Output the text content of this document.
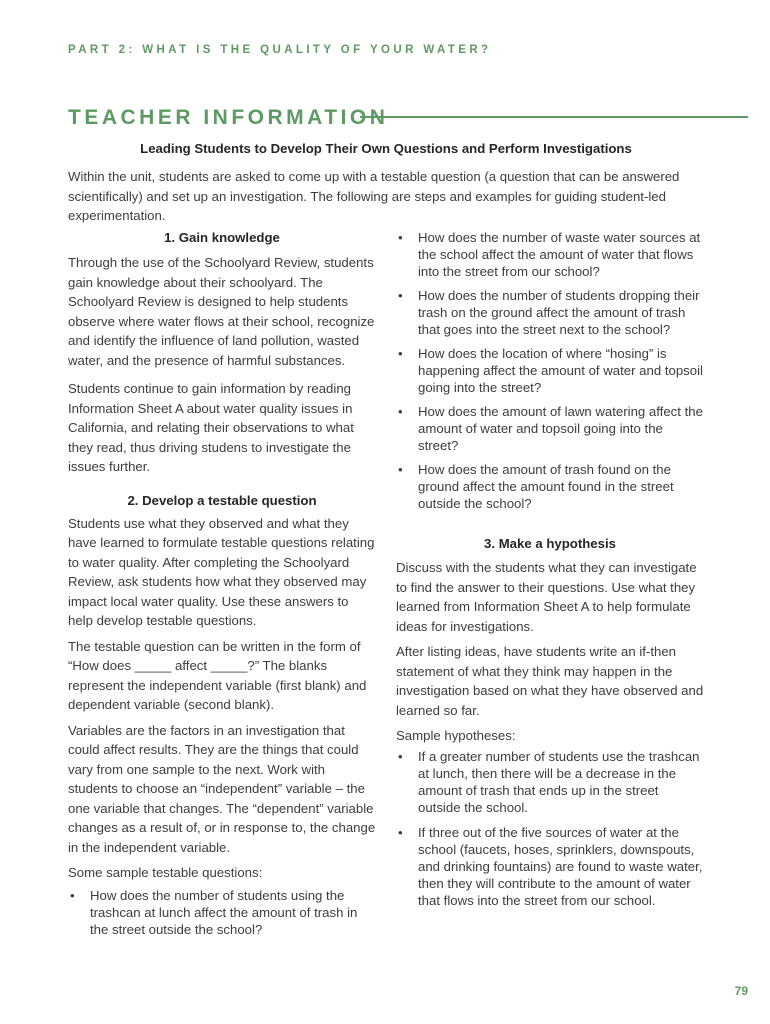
PART 2: WHAT IS THE QUALITY OF YOUR WATER?
TEACHER INFORMATION
Leading Students to Develop Their Own Questions and Perform Investigations
Within the unit, students are asked to come up with a testable question (a question that can be answered scientifically) and set up an investigation. The following are steps and examples for guiding student-led experimentation.

1. Gain knowledge

Through the use of the Schoolyard Review, students gain knowledge about their schoolyard. The Schoolyard Review is designed to help students observe where water flows at their school, recognize and identify the influence of land pollution, wasted water, and the presence of harmful substances.

Students continue to gain information by reading Information Sheet A about water quality issues in California, and relating their observations to what they read, thus driving studens to investigate the issues further.

2. Develop a testable question

Students use what they observed and what they have learned to formulate testable questions relating to water quality. After completing the Schoolyard Review, ask students how what they observed may impact local water quality. Use these answers to help develop testable questions.

The testable question can be written in the form of “How does _____ affect _____?” The blanks represent the independent variable (first blank) and dependent variable (second blank).

Variables are the factors in an investigation that could affect results. They are the things that could vary from one sample to the next. Work with students to choose an “independent” variable – the one variable that changes. The “dependent” variable changes as a result of, or in response to, the change in the independent variable.

Some sample testable questions:

• How does the number of students using the trashcan at lunch affect the amount of trash in the street outside the school?
• How does the number of waste water sources at the school affect the amount of water that flows into the street from our school?
• How does the number of students dropping their trash on the ground affect the amount of trash that goes into the street next to the school?
• How does the location of where “hosing” is happening affect the amount of water and topsoil going into the street?
• How does the amount of lawn watering affect the amount of water and topsoil going into the street?
• How does the amount of trash found on the ground affect the amount found in the street outside the school?

3. Make a hypothesis

Discuss with the students what they can investigate to find the answer to their questions. Use what they learned from Information Sheet A to help formulate ideas for investigations.

After listing ideas, have students write an if-then statement of what they think may happen in the investigation based on what they have observed and learned so far.

Sample hypotheses:

• If a greater number of students use the trashcan at lunch, then there will be a decrease in the amount of trash that ends up in the street outside the school.
• If three out of the five sources of water at the school (faucets, hoses, sprinklers, downspouts, and drinking fountains) are found to waste water, then they will contribute to the amount of water that flows into the street from our school.
79
